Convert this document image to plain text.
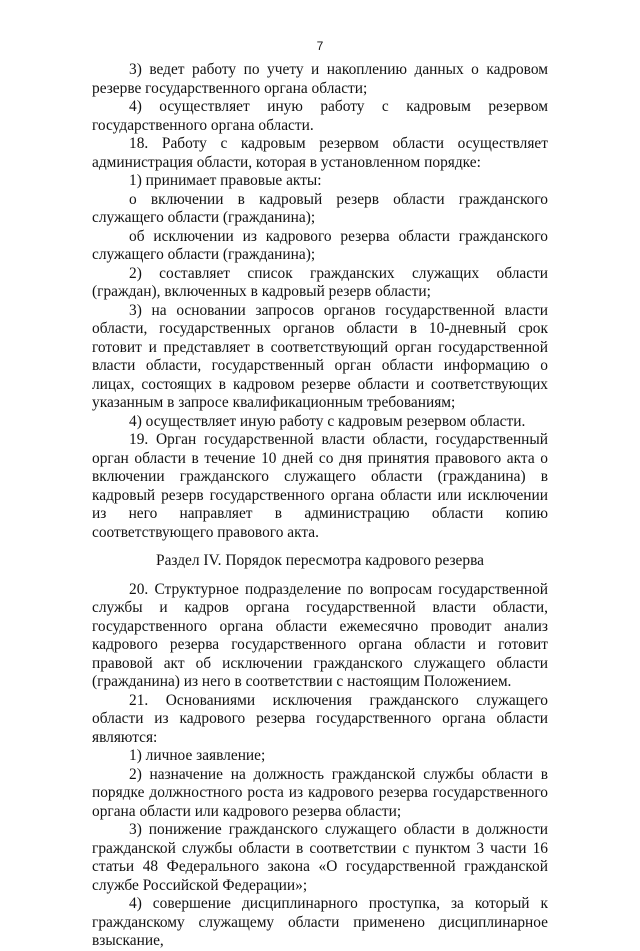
7

3) ведет работу по учету и накоплению данных о кадровом резерве государственного органа области;

4) осуществляет иную работу с кадровым резервом государственного органа области.

18. Работу с кадровым резервом области осуществляет администрация области, которая в установленном порядке:

1) принимает правовые акты:

о включении в кадровый резерв области гражданского служащего области (гражданина);

об исключении из кадрового резерва области гражданского служащего области (гражданина);

2) составляет список гражданских служащих области (граждан), включенных в кадровый резерв области;

3) на основании запросов органов государственной власти области, государственных органов области в 10-дневный срок готовит и представляет в соответствующий орган государственной власти области, государственный орган области информацию о лицах, состоящих в кадровом резерве области и соответствующих указанным в запросе квалификационным требованиям;

4) осуществляет иную работу с кадровым резервом области.

19. Орган государственной власти области, государственный орган области в течение 10 дней со дня принятия правового акта о включении гражданского служащего области (гражданина) в кадровый резерв государственного органа области или исключении из него направляет в администрацию области копию соответствующего правового акта.

Раздел IV. Порядок пересмотра кадрового резерва

20. Структурное подразделение по вопросам государственной службы и кадров органа государственной власти области, государственного органа области ежемесячно проводит анализ кадрового резерва государственного органа области и готовит правовой акт об исключении гражданского служащего области (гражданина) из него в соответствии с настоящим Положением.

21. Основаниями исключения гражданского служащего области из кадрового резерва государственного органа области являются:

1) личное заявление;

2) назначение на должность гражданской службы области в порядке должностного роста из кадрового резерва государственного органа области или кадрового резерва области;

3) понижение гражданского служащего области в должности гражданской службы области в соответствии с пунктом 3 части 16 статьи 48 Федерального закона «О государственной гражданской службе Российской Федерации»;

4) совершение дисциплинарного проступка, за который к гражданскому служащему области применено дисциплинарное взыскание,
